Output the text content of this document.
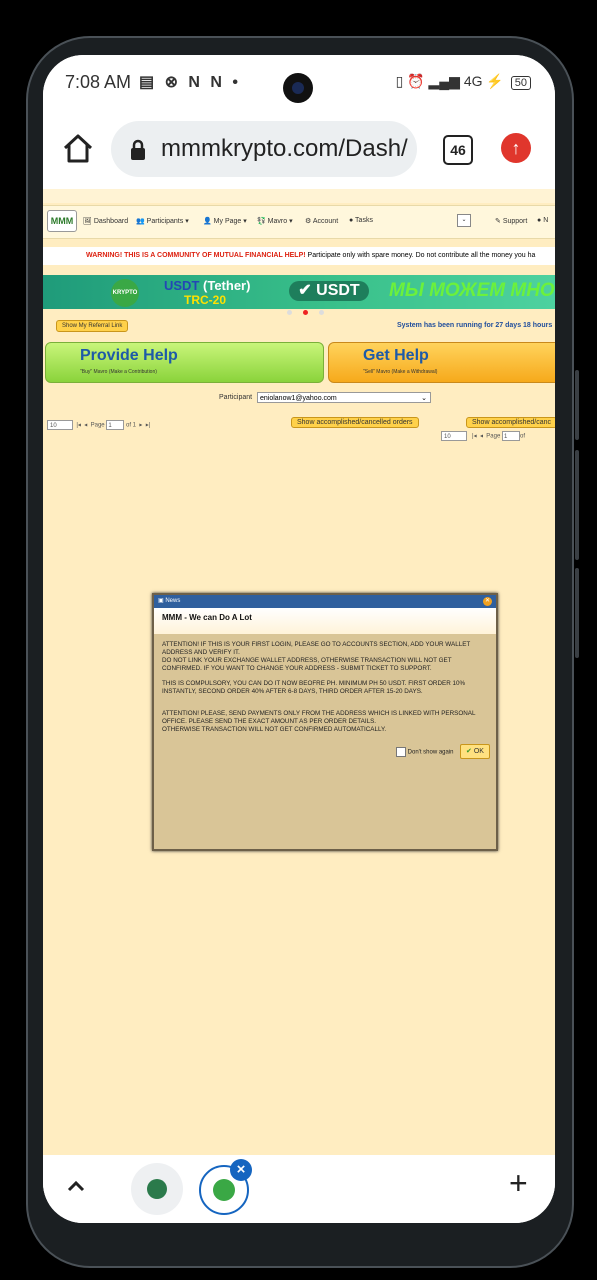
7:08 AM ▤ ⊗ N N •	▯ ⏰ ▂▄▆ 4G ⚡ 50
mmmkrypto.com/Dash/	46	↑
MMM	🖼 Dashboard 👥 Participants ▾ 👤 My Page ▾ 💱 Mavro ▾ ⚙ Account ● Tasks	⌄	✎ Support ● N
WARNING! THIS IS A COMMUNITY OF MUTUAL FINANCIAL HELP! Participate only with spare money. Do not contribute all the money you ha
KRYPTO USDT (Tether)
TRC-20
✔ USDT	МЫ МОЖЕМ МНО
Show My Referral Link	System has been running for 27 days 18 hours
Provide Help
"Buy" Mavro (Make a Contribution)
Get Help
"Sell" Mavro (Make a Withdrawal)
Participant	eniolanow1@yahoo.com	⌄
10	|◂ ◂ Page 1 of 1 ▸ ▸|	Show accomplished/cancelled orders	Show accomplished/canc
10	|◂ ◂ Page 1 of
▣ News	✕
MMM - We can Do A Lot

ATTENTION! IF THIS IS YOUR FIRST LOGIN, PLEASE GO TO ACCOUNTS SECTION, ADD YOUR WALLET ADDRESS AND VERIFY IT.
DO NOT LINK YOUR EXCHANGE WALLET ADDRESS, OTHERWISE TRANSACTION WILL NOT GET CONFIRMED. IF YOU WANT TO CHANGE YOUR ADDRESS - SUBMIT TICKET TO SUPPORT.

THIS IS COMPULSORY, YOU CAN DO IT NOW BEOFRE PH. MINIMUM PH 50 USDT. FIRST ORDER 10% INSTANTLY, SECOND ORDER 40% AFTER 6-8 DAYS, THIRD ORDER AFTER 15-20 DAYS.

ATTENTION! PLEASE, SEND PAYMENTS ONLY FROM THE ADDRESS WHICH IS LINKED WITH PERSONAL OFFICE. PLEASE SEND THE EXACT AMOUNT AS PER ORDER DETAILS.
OTHERWISE TRANSACTION WILL NOT GET CONFIRMED AUTOMATICALLY.

Don't show again	✔ OK
×	+
